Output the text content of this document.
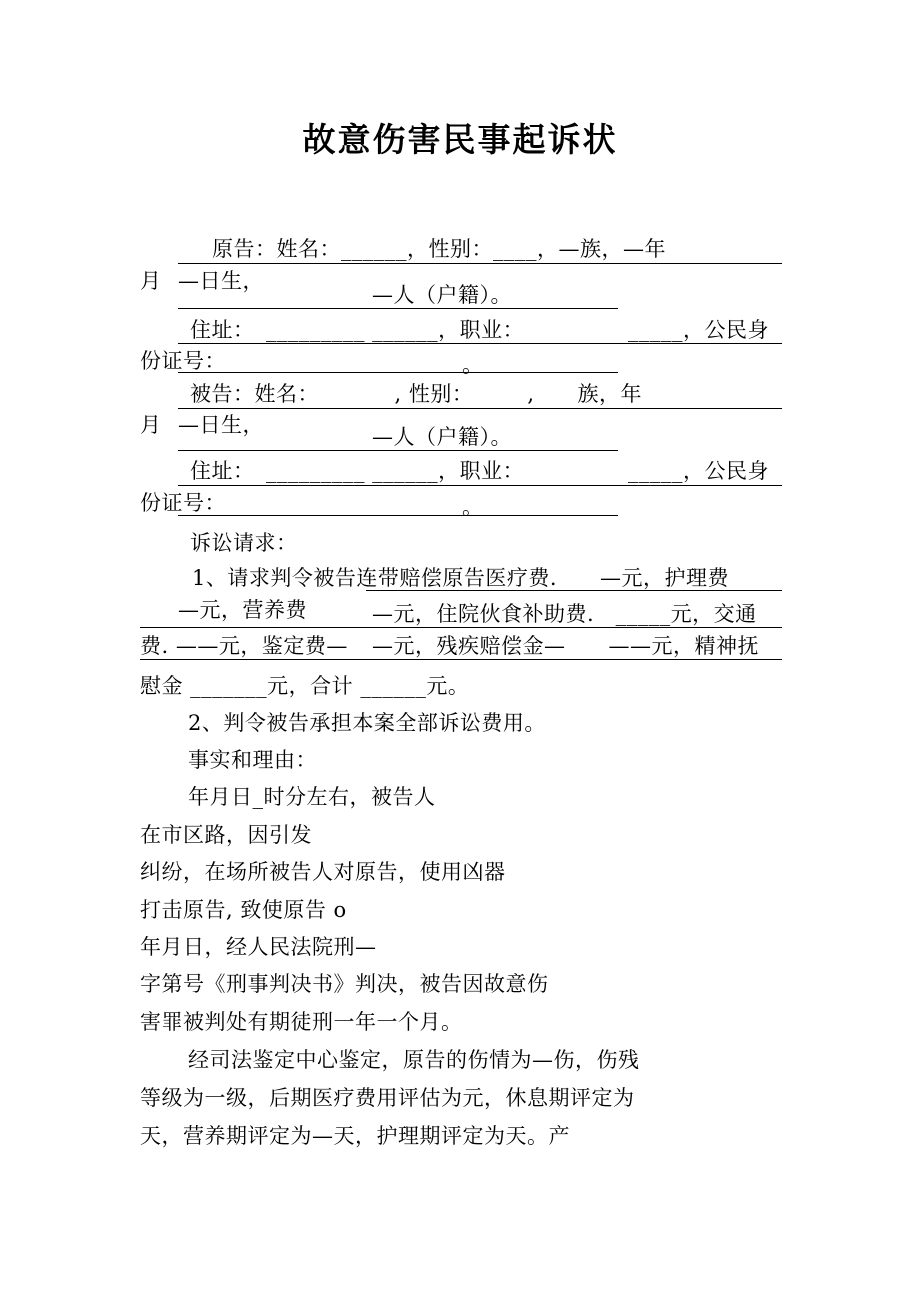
故意伤害民事起诉状
原告：姓名：______，性别：____，—族，—年
月 —日生，
—人（户籍）。
住址： _________ ______，职业：	_____，公民身
份证号：	。
被告：姓名：　　　　, 性别：　　　,　　族，年
月 —日生，	—人（户籍）。
住址： _________ ______，职业：	_____，公民身
份证号：	。
诉讼请求：
1、请求判令被告连带赔偿原告医疗费.　　—元，护理费
—元，营养费	—元，住院伙食补助费.　_____元，交通
费. ——元，鉴定费— —元，残疾赔偿金—　　——元，精神抚
慰金 _______元，合计 ______元。
2、判令被告承担本案全部诉讼费用。
事实和理由：
年月日_时分左右，被告人
在市区路，因引发
纠纷，在场所被告人对原告，使用凶器
打击原告, 致使原告 o
年月日，经人民法院刑—
字第号《刑事判决书》判决，被告因故意伤
害罪被判处有期徒刑一年一个月。
经司法鉴定中心鉴定，原告的伤情为—伤，伤残
等级为一级，后期医疗费用评估为元，休息期评定为
天，营养期评定为—天，护理期评定为天。产
